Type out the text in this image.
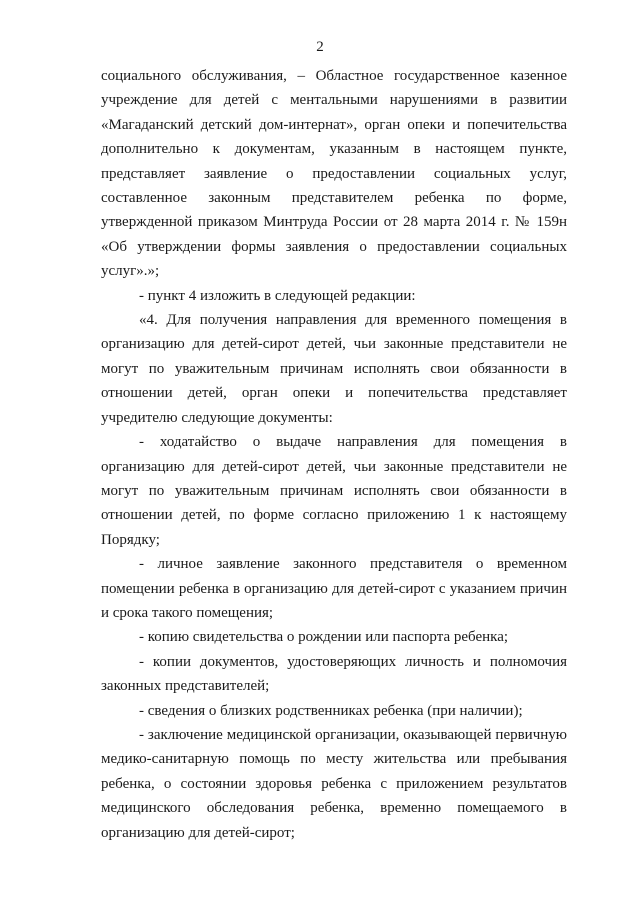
2

социального обслуживания, – Областное государственное казенное учреждение для детей с ментальными нарушениями в развитии «Магаданский детский дом-интернат», орган опеки и попечительства дополнительно к документам, указанным в настоящем пункте, представляет заявление о предоставлении социальных услуг, составленное законным представителем ребенка по форме, утвержденной приказом Минтруда России от 28 марта 2014 г. № 159н «Об утверждении формы заявления о предоставлении социальных услуг».»;

- пункт 4 изложить в следующей редакции:

«4. Для получения направления для временного помещения в организацию для детей-сирот детей, чьи законные представители не могут по уважительным причинам исполнять свои обязанности в отношении детей, орган опеки и попечительства представляет учредителю следующие документы:

- ходатайство о выдаче направления для помещения в организацию для детей-сирот детей, чьи законные представители не могут по уважительным причинам исполнять свои обязанности в отношении детей, по форме согласно приложению 1 к настоящему Порядку;

- личное заявление законного представителя о временном помещении ребенка в организацию для детей-сирот с указанием причин и срока такого помещения;

- копию свидетельства о рождении или паспорта ребенка;

- копии документов, удостоверяющих личность и полномочия законных представителей;

- сведения о близких родственниках ребенка (при наличии);

- заключение медицинской организации, оказывающей первичную медико-санитарную помощь по месту жительства или пребывания ребенка, о состоянии здоровья ребенка с приложением результатов медицинского обследования ребенка, временно помещаемого в организацию для детей-сирот;
